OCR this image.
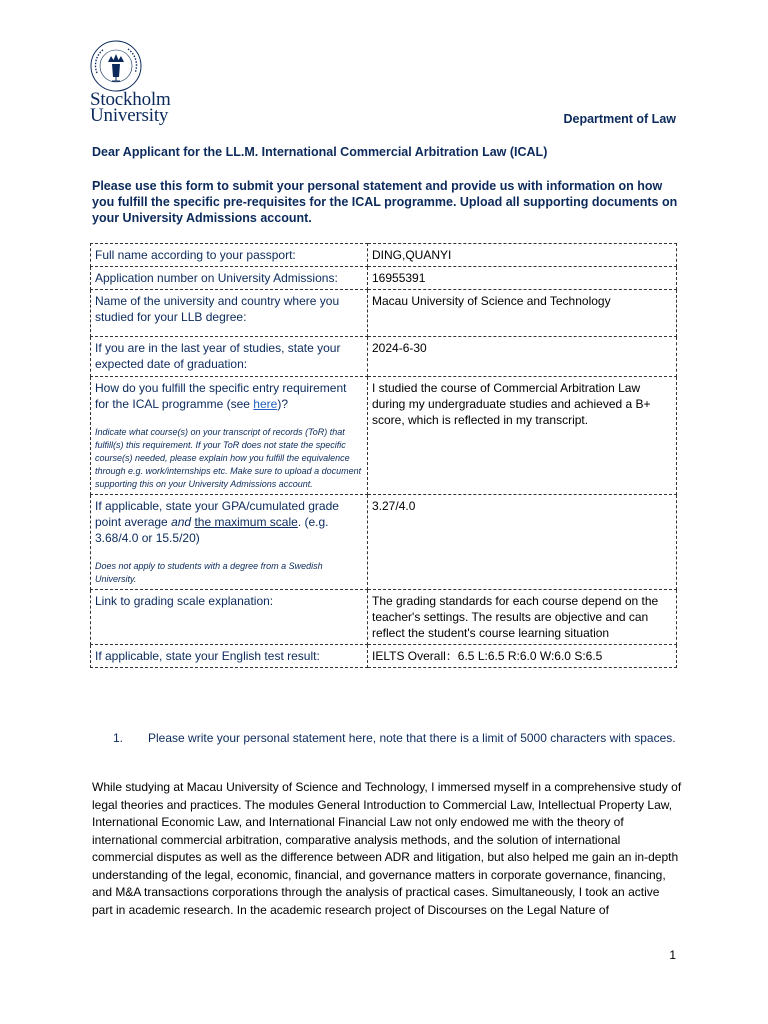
Stockholm
University	Department of Law
Dear Applicant for the LL.M. International Commercial Arbitration Law (ICAL)
Please use this form to submit your personal statement and provide us with information on how you fulfill the specific pre-requisites for the ICAL programme. Upload all supporting documents on your University Admissions account.
Full name according to your passport:	DING,QUANYI
Application number on University Admissions:	16955391
Name of the university and country where you studied for your LLB degree:	Macau University of Science and Technology
If you are in the last year of studies, state your expected date of graduation:	2024-6-30
How do you fulfill the specific entry requirement for the ICAL programme (see here)?
Indicate what course(s) on your transcript of records (ToR) that fulfill(s) this requirement. If your ToR does not state the specific course(s) needed, please explain how you fulfill the equivalence through e.g. work/internships etc. Make sure to upload a document supporting this on your University Admissions account.	I studied the course of Commercial Arbitration Law during my undergraduate studies and achieved a B+ score, which is reflected in my transcript.
If applicable, state your GPA/cumulated grade point average and the maximum scale. (e.g. 3.68/4.0 or 15.5/20)
Does not apply to students with a degree from a Swedish University.	3.27/4.0
Link to grading scale explanation:	The grading standards for each course depend on the teacher's settings. The results are objective and can reflect the student's course learning situation
If applicable, state your English test result:	IELTS Overall：6.5 L:6.5 R:6.0 W:6.0 S:6.5
1. Please write your personal statement here, note that there is a limit of 5000 characters with spaces.
While studying at Macau University of Science and Technology, I immersed myself in a comprehensive study of legal theories and practices. The modules General Introduction to Commercial Law, Intellectual Property Law, International Economic Law, and International Financial Law not only endowed me with the theory of international commercial arbitration, comparative analysis methods, and the solution of international commercial disputes as well as the difference between ADR and litigation, but also helped me gain an in-depth understanding of the legal, economic, financial, and governance matters in corporate governance, financing, and M&A transactions corporations through the analysis of practical cases. Simultaneously, I took an active part in academic research. In the academic research project of Discourses on the Legal Nature of
1
